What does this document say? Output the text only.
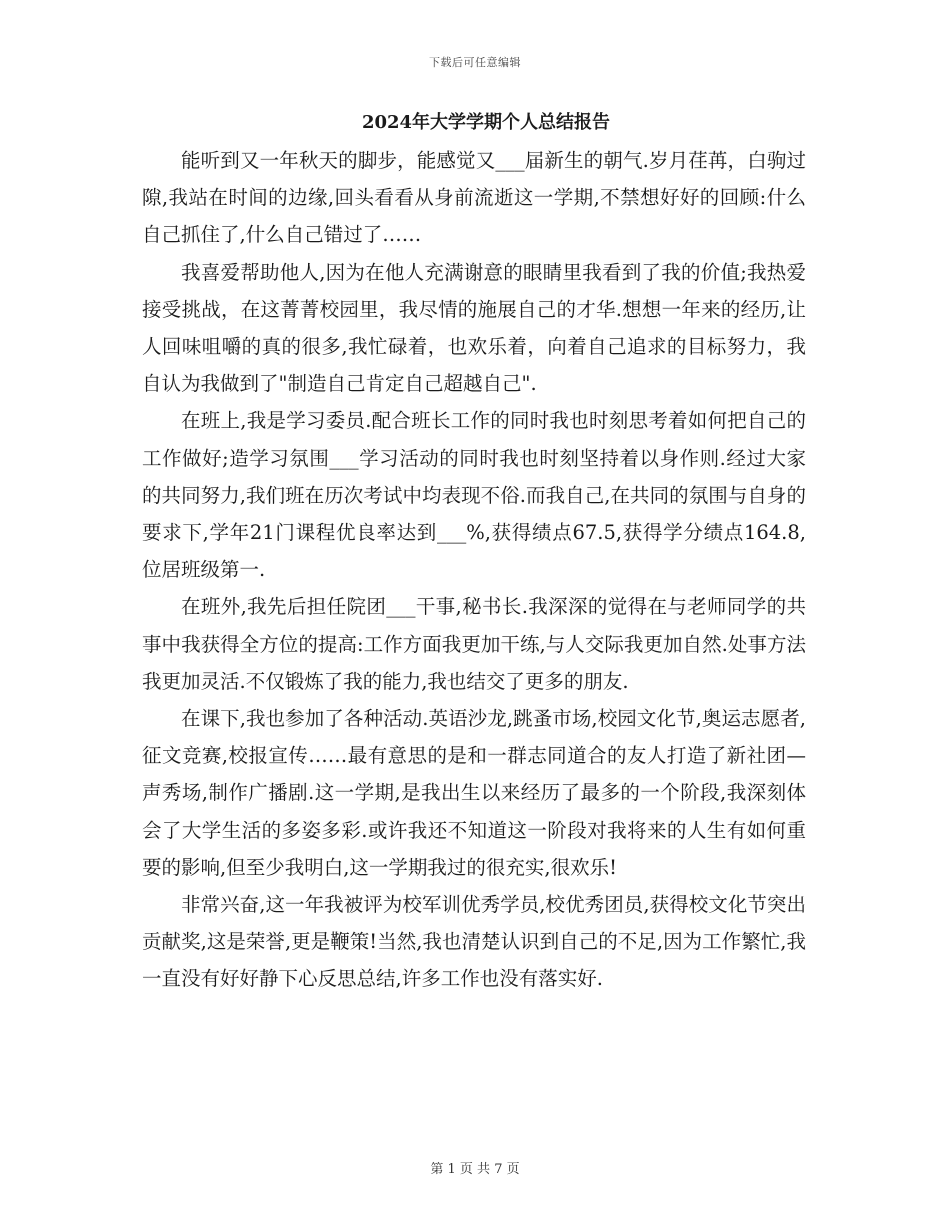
下载后可任意编辑
2024年大学学期个人总结报告

能听到又一年秋天的脚步，能感觉又___届新生的朝气.岁月荏苒，白驹过隙,我站在时间的边缘,回头看看从身前流逝这一学期,不禁想好好的回顾:什么自己抓住了,什么自己错过了……

我喜爱帮助他人,因为在他人充满谢意的眼睛里我看到了我的价值;我热爱接受挑战，在这菁菁校园里，我尽情的施展自己的才华.想想一年来的经历,让人回味咀嚼的真的很多,我忙碌着，也欢乐着，向着自己追求的目标努力，我自认为我做到了"制造自己肯定自己超越自己".

在班上,我是学习委员.配合班长工作的同时我也时刻思考着如何把自己的工作做好;造学习氛围___学习活动的同时我也时刻坚持着以身作则.经过大家的共同努力,我们班在历次考试中均表现不俗.而我自己,在共同的氛围与自身的要求下,学年21门课程优良率达到___%,获得绩点67.5,获得学分绩点164.8,位居班级第一.

在班外,我先后担任院团___干事,秘书长.我深深的觉得在与老师同学的共事中我获得全方位的提高:工作方面我更加干练,与人交际我更加自然.处事方法我更加灵活.不仅锻炼了我的能力,我也结交了更多的朋友.

在课下,我也参加了各种活动.英语沙龙,跳蚤市场,校园文化节,奥运志愿者,征文竞赛,校报宣传……最有意思的是和一群志同道合的友人打造了新社团—声秀场,制作广播剧.这一学期,是我出生以来经历了最多的一个阶段,我深刻体会了大学生活的多姿多彩.或许我还不知道这一阶段对我将来的人生有如何重要的影响,但至少我明白,这一学期我过的很充实,很欢乐!

非常兴奋,这一年我被评为校军训优秀学员,校优秀团员,获得校文化节突出贡献奖,这是荣誉,更是鞭策!当然,我也清楚认识到自己的不足,因为工作繁忙,我一直没有好好静下心反思总结,许多工作也没有落实好.

第 1 页 共 7 页
